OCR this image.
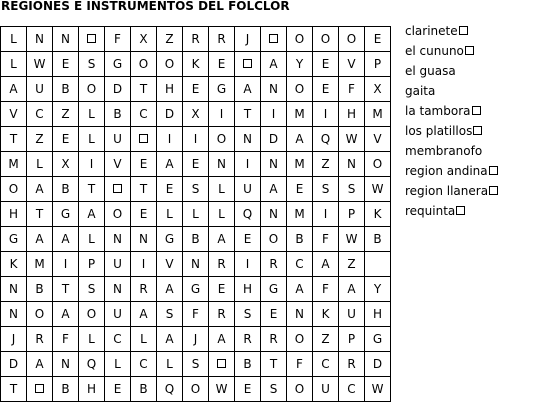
REGIONES E INSTRUMENTOS DEL FOLCLOR
L	N	N		F	X	Z	R	R	J		O	O	O	E
L	W	E	S	G	O	O	K	E		A	Y	E	V	P
A	U	B	O	D	T	H	E	G	A	N	O	E	F	X
V	C	Z	L	B	C	D	X	I	T	I	M	I	H	M
T	Z	E	L	U		I	I	O	N	D	A	Q	W	V
M	L	X	I	V	E	A	E	N	I	N	M	Z	N	O
O	A	B	T		T	E	S	L	U	A	E	S	S	W
H	T	G	A	O	E	L	L	L	Q	N	M	I	P	K
G	A	A	L	N	N	G	B	A	E	O	B	F	W	B
K	M	I	P	U	I	V	N	R	I	R	C	A	Z	
N	B	T	S	N	R	A	G	E	H	G	A	F	A	Y
N	O	A	O	U	A	S	F	R	S	E	N	K	U	H
J	R	F	L	C	L	A	J	A	R	R	O	Z	P	G
D	A	N	Q	L	C	L	S		B	T	F	C	R	D
T		B	H	E	B	Q	O	W	E	S	O	U	C	W
clarinete
el cununo
el guasa
gaita
la tambora
los platillos
membranofo
region andina
region llanera
requinta
